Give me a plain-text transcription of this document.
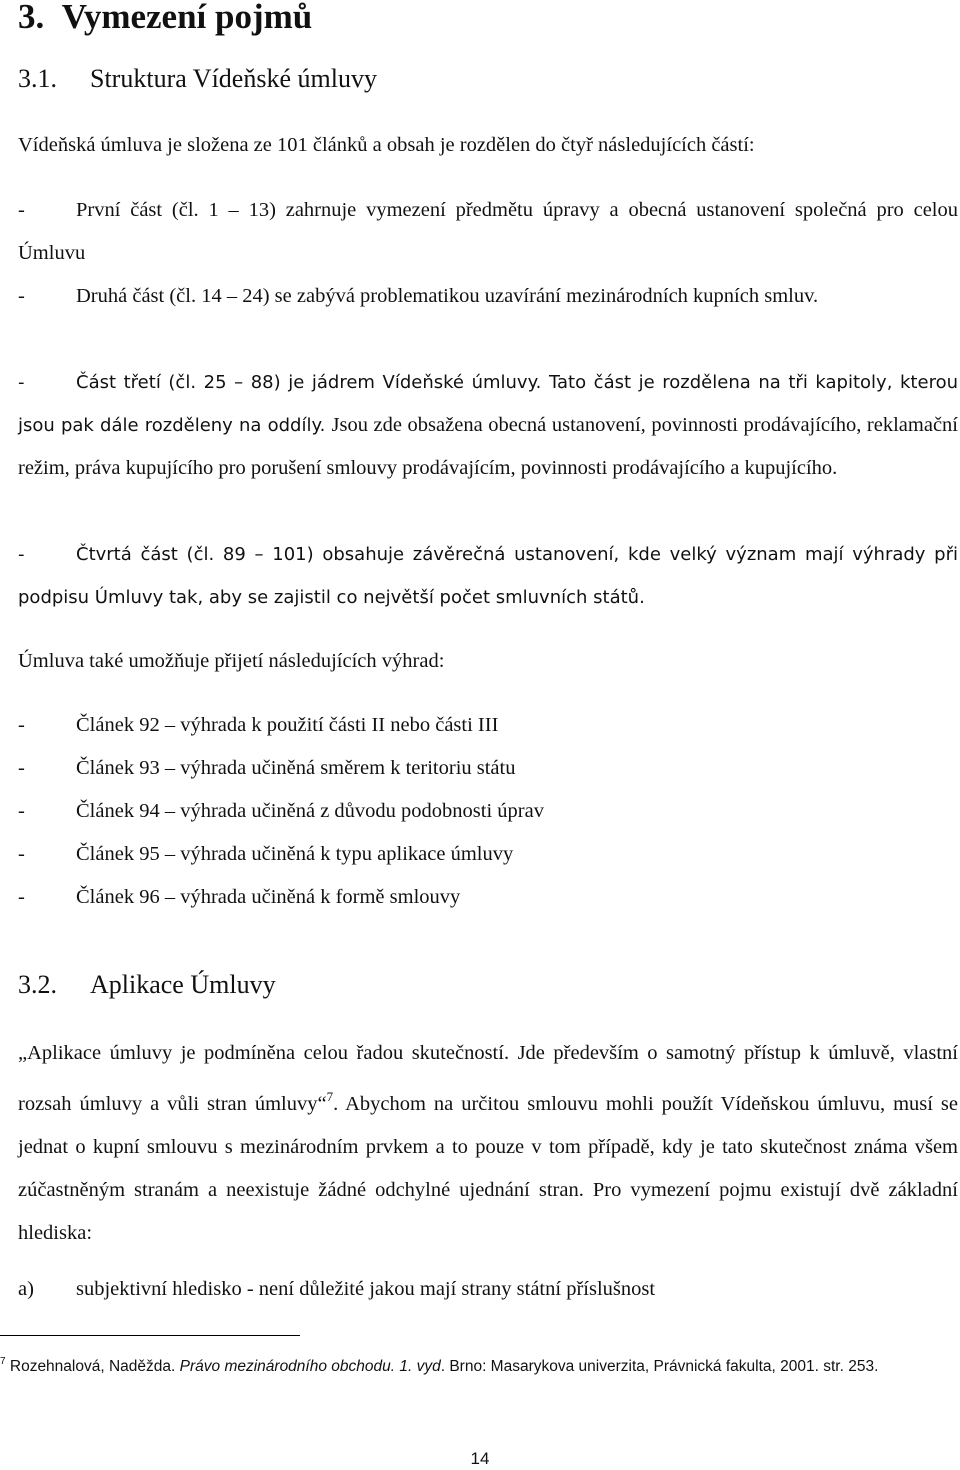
3. Vymezení pojmů
3.1. Struktura Vídeňské úmluvy

Vídeňská úmluva je složena ze 101 článků a obsah je rozdělen do čtyř následujících částí:

- První část (čl. 1 – 13) zahrnuje vymezení předmětu úpravy a obecná ustanovení společná pro celou Úmluvu

- Druhá část (čl. 14 – 24) se zabývá problematikou uzavírání mezinárodních kupních smluv.

-	Část třetí (čl. 25 – 88) je jádrem Vídeňské úmluvy. Tato část je rozdělena na tři kapitoly, kterou jsou pak dále rozděleny na oddíly. Jsou zde obsažena obecná ustanovení, povinnosti prodávajícího, reklamační režim, práva kupujícího pro porušení smlouvy prodávajícím, povinnosti prodávajícího a kupujícího.

-	Čtvrtá část (čl. 89 – 101) obsahuje závěrečná ustanovení, kde velký význam mají výhrady při podpisu Úmluvy tak, aby se zajistil co největší počet smluvních států.

Úmluva také umožňuje přijetí následujících výhrad:

- Článek 92 – výhrada k použití části II nebo části III

- Článek 93 – výhrada učiněná směrem k teritoriu státu

- Článek 94 – výhrada učiněná z důvodu podobnosti úprav

- Článek 95 – výhrada učiněná k typu aplikace úmluvy

- Článek 96 – výhrada učiněná k formě smlouvy

3.2. Aplikace Úmluvy

„Aplikace úmluvy je podmíněna celou řadou skutečností. Jde především o samotný přístup k úmluvě, vlastní rozsah úmluvy a vůli stran úmluvy“$^7$. Abychom na určitou smlouvu mohli použít Vídeňskou úmluvu, musí se jednat o kupní smlouvu s mezinárodním prvkem a to pouze v tom případě, kdy je tato skutečnost známa všem zúčastněným stranám a neexistuje žádné odchylné ujednání stran. Pro vymezení pojmu existují dvě základní hlediska:

a) subjektivní hledisko - není důležité jakou mají strany státní příslušnost

$^7$ Rozehnalová, Naděžda. Právo mezinárodního obchodu. 1. vyd. Brno: Masarykova univerzita, Právnická fakulta, 2001. str. 253.
14
